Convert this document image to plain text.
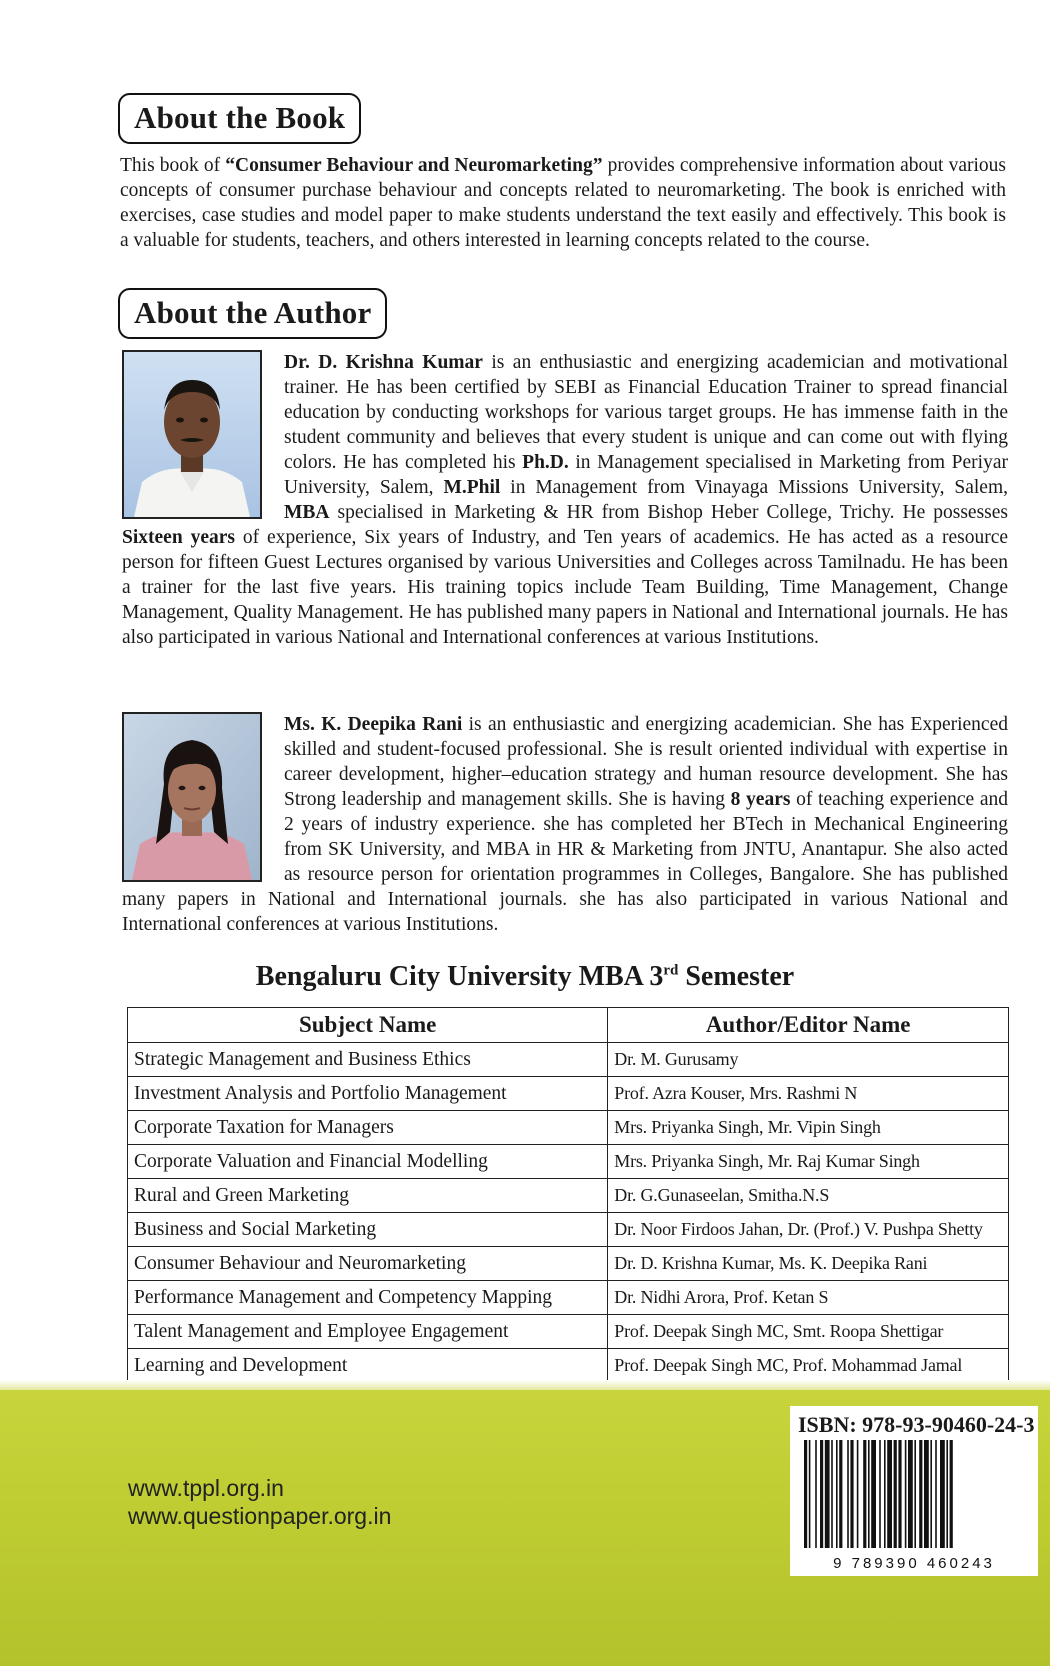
About the Book

This book of “Consumer Behaviour and Neuromarketing” provides comprehensive information about various concepts of consumer purchase behaviour and concepts related to neuromarketing. The book is enriched with exercises, case studies and model paper to make students understand the text easily and effectively. This book is a valuable for students, teachers, and others interested in learning concepts related to the course.

About the Author

Dr. D. Krishna Kumar is an enthusiastic and energizing academician and motivational trainer. He has been certified by SEBI as Financial Education Trainer to spread financial education by conducting workshops for various target groups. He has immense faith in the student community and believes that every student is unique and can come out with flying colors. He has completed his Ph.D. in Management specialised in Marketing from Periyar University, Salem, M.Phil in Management from Vinayaga Missions University, Salem, MBA specialised in Marketing & HR from Bishop Heber College, Trichy. He possesses Sixteen years of experience, Six years of Industry, and Ten years of academics. He has acted as a resource person for fifteen Guest Lectures organised by various Universities and Colleges across Tamilnadu. He has been a trainer for the last five years. His training topics include Team Building, Time Management, Change Management, Quality Management. He has published many papers in National and International journals. He has also participated in various National and International conferences at various Institutions.

Ms. K. Deepika Rani is an enthusiastic and energizing academician. She has Experienced skilled and student-focused professional. She is result oriented individual with expertise in career development, higher–education strategy and human resource development. She has Strong leadership and management skills. She is having 8 years of teaching experience and 2 years of industry experience. she has completed her BTech in Mechanical Engineering from SK University, and MBA in HR & Marketing from JNTU, Anantapur. She also acted as resource person for orientation programmes in Colleges, Bangalore. She has published many papers in National and International journals. she has also participated in various National and International conferences at various Institutions.

Bengaluru City University MBA 3rd Semester
Subject Name	Author/Editor Name
Strategic Management and Business Ethics	Dr. M. Gurusamy
Investment Analysis and Portfolio Management	Prof. Azra Kouser, Mrs. Rashmi N
Corporate Taxation for Managers	Mrs. Priyanka Singh, Mr. Vipin Singh
Corporate Valuation and Financial Modelling	Mrs. Priyanka Singh, Mr. Raj Kumar Singh
Rural and Green Marketing	Dr. G.Gunaseelan, Smitha.N.S
Business and Social Marketing	Dr. Noor Firdoos Jahan, Dr. (Prof.) V. Pushpa Shetty
Consumer Behaviour and Neuromarketing	Dr. D. Krishna Kumar, Ms. K. Deepika Rani
Performance Management and Competency Mapping	Dr. Nidhi Arora, Prof. Ketan S
Talent Management and Employee Engagement	Prof. Deepak Singh MC, Smt. Roopa Shettigar
Learning and Development	Prof. Deepak Singh MC, Prof. Mohammad Jamal
www.tppl.org.in
www.questionpaper.org.in
ISBN: 978-93-90460-24-3
9 789390 460243
